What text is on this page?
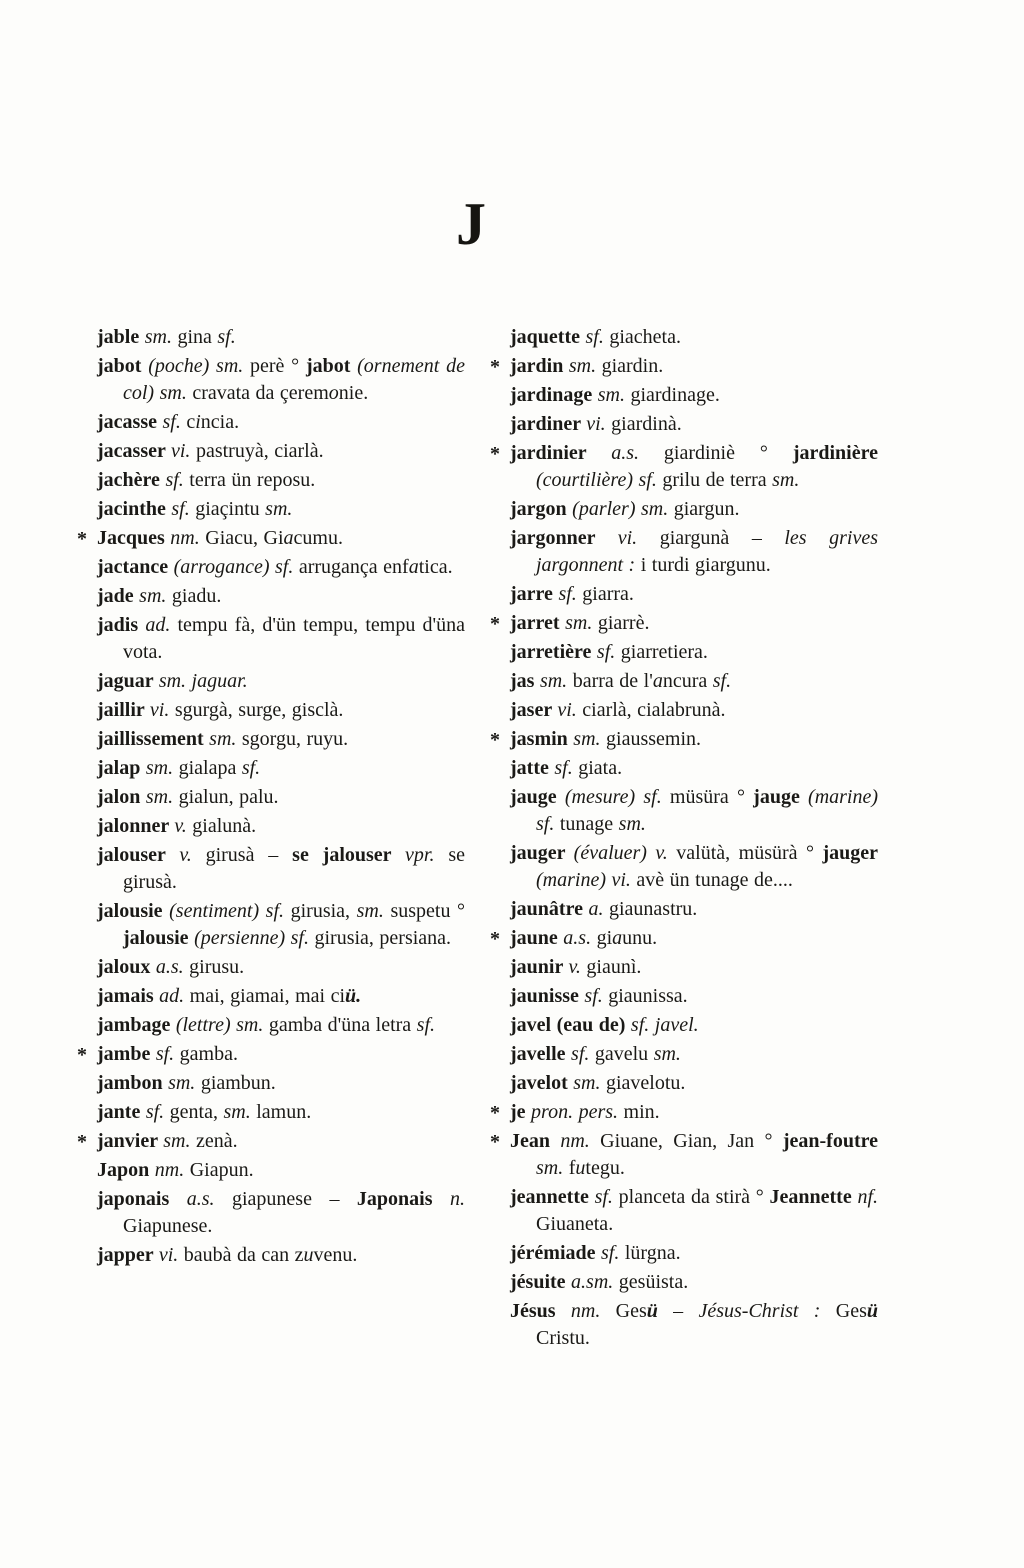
J
jable sm. gina sf.
jabot (poche) sm. perè ° jabot (ornement de col) sm. cravata da çeremonie.
jacasse sf. cincia.
jacasser vi. pastruyà, ciarlà.
jachère sf. terra ün reposu.
jacinthe sf. giaçintu sm.
* Jacques nm. Giacu, Giacumu.
jactance (arrogance) sf. arrugança enfatica.
jade sm. giadu.
jadis ad. tempu fà, d'ün tempu, tempu d'üna vota.
jaguar sm. jaguar.
jaillir vi. sgurgà, surge, gisclà.
jaillissement sm. sgorgu, ruyu.
jalap sm. gialapa sf.
jalon sm. gialun, palu.
jalonner v. gialunà.
jalouser v. girusà – se jalouser vpr. se girusà.
jalousie (sentiment) sf. girusia, sm. suspetu ° jalousie (persienne) sf. girusia, persiana.
jaloux a.s. girusu.
jamais ad. mai, giamai, mai ciü.
jambage (lettre) sm. gamba d'üna letra sf.
* jambe sf. gamba.
jambon sm. giambun.
jante sf. genta, sm. lamun.
* janvier sm. zenà.
Japon nm. Giapun.
japonais a.s. giapunese – Japonais n. Giapunese.
japper vi. baubà da can zuvenu.
jaquette sf. giacheta.
* jardin sm. giardin.
jardinage sm. giardinage.
jardiner vi. giardinà.
* jardinier a.s. giardiniè ° jardinière (courtilière) sf. grilu de terra sm.
jargon (parler) sm. giargun.
jargonner vi. giargunà – les grives jargonnent : i turdi giargunu.
jarre sf. giarra.
* jarret sm. giarrè.
jarretière sf. giarretiera.
jas sm. barra de l'ancura sf.
jaser vi. ciarlà, cialabrunà.
* jasmin sm. giaussemin.
jatte sf. giata.
jauge (mesure) sf. müsüra ° jauge (marine) sf. tunage sm.
jauger (évaluer) v. valütà, müsürà ° jauger (marine) vi. avè ün tunage de....
jaunâtre a. giaunastru.
* jaune a.s. giaunu.
jaunir v. giaunì.
jaunisse sf. giaunissa.
javel (eau de) sf. javel.
javelle sf. gavelu sm.
javelot sm. giavelotu.
* je pron. pers. min.
* Jean nm. Giuane, Gian, Jan ° jean-foutre sm. futegu.
jeannette sf. planceta da stirà ° Jeannette nf. Giuaneta.
jérémiade sf. lürgna.
jésuite a.sm. gesüista.
Jésus nm. Gesü – Jésus-Christ : Gesü Cristu.
